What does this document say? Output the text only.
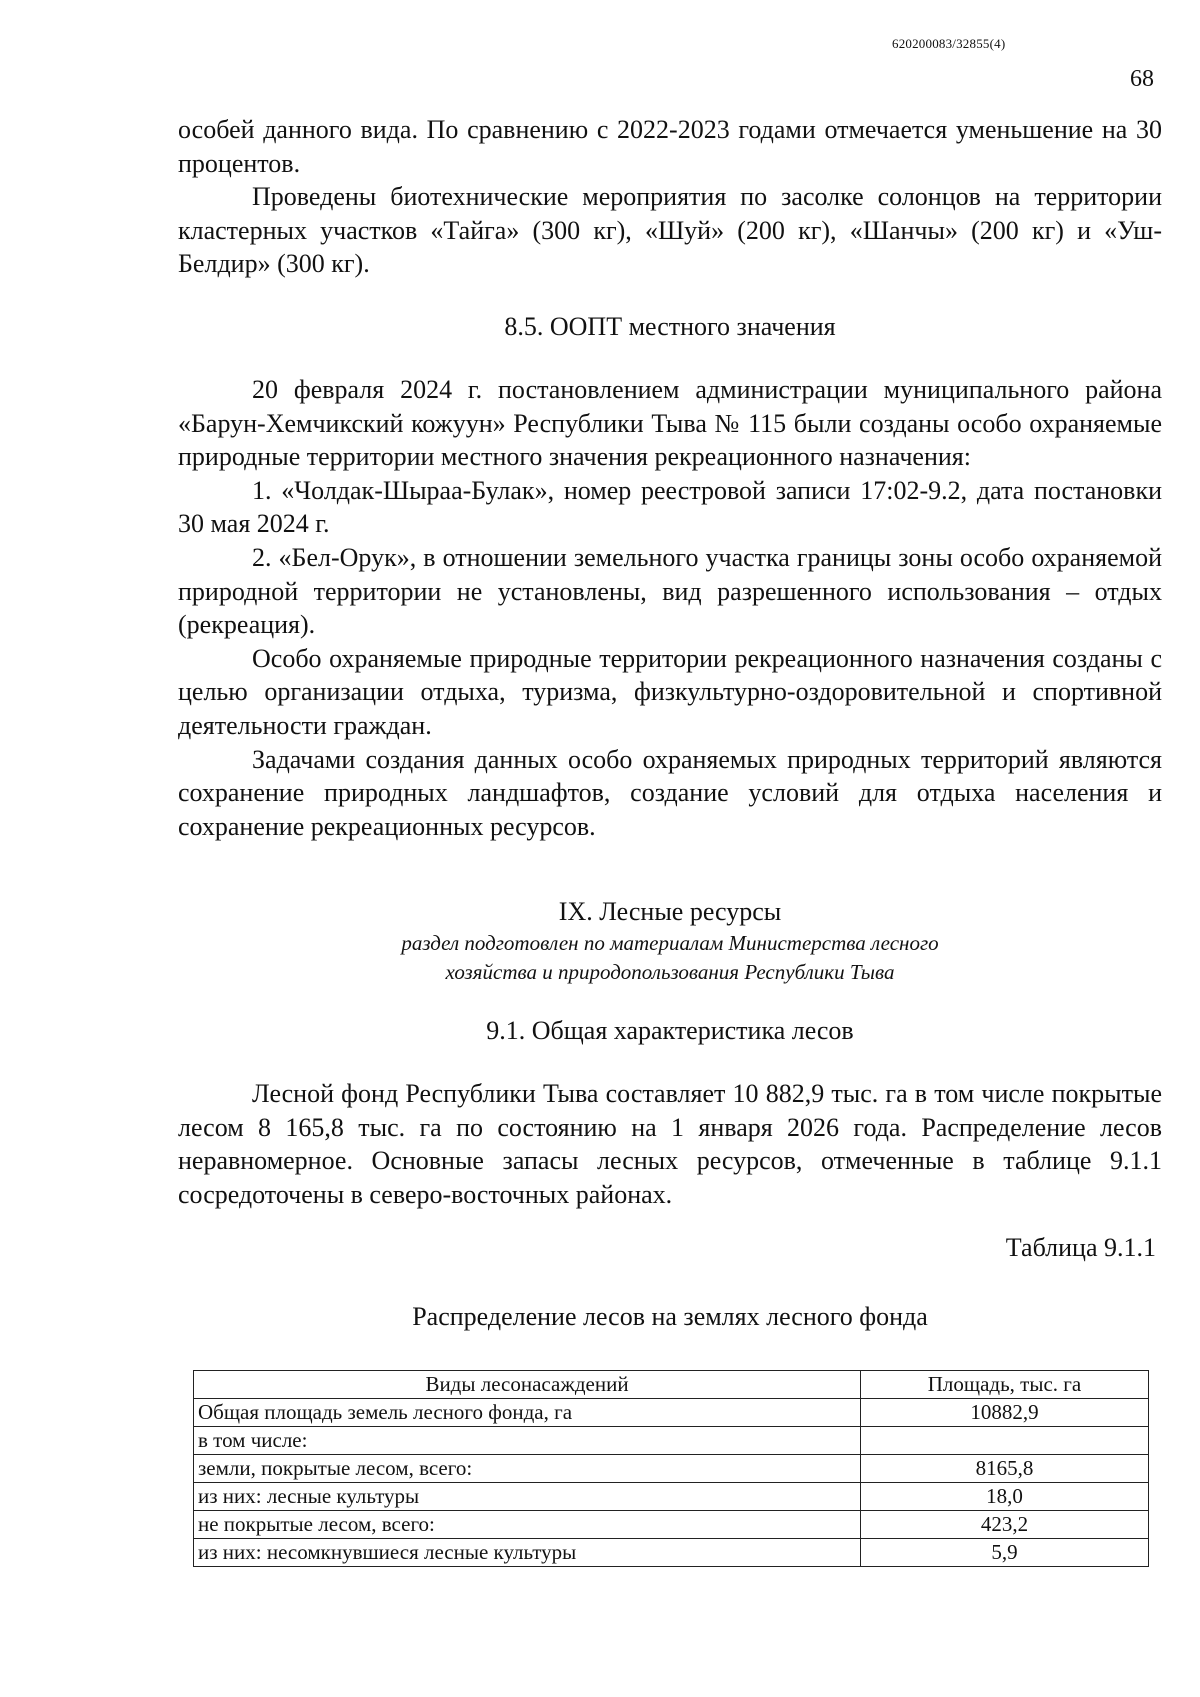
620200083/32855(4)
68

особей данного вида. По сравнению с 2022-2023 годами отмечается уменьшение на 30 процентов.

Проведены биотехнические мероприятия по засолке солонцов на территории кластерных участков «Тайга» (300 кг), «Шуй» (200 кг), «Шанчы» (200 кг) и «Уш-Белдир» (300 кг).

8.5. ООПТ местного значения

20 февраля 2024 г. постановлением администрации муниципального района «Барун-Хемчикский кожуун» Республики Тыва № 115 были созданы особо охраняемые природные территории местного значения рекреационного назначения:

1. «Чолдак-Шыраа-Булак», номер реестровой записи 17:02-9.2, дата постановки 30 мая 2024 г.

2. «Бел-Орук», в отношении земельного участка границы зоны особо охраняемой природной территории не установлены, вид разрешенного использования – отдых (рекреация).

Особо охраняемые природные территории рекреационного назначения созданы с целью организации отдыха, туризма, физкультурно-оздоровительной и спортивной деятельности граждан.

Задачами создания данных особо охраняемых природных территорий являются сохранение природных ландшафтов, создание условий для отдыха населения и сохранение рекреационных ресурсов.

IX. Лесные ресурсы
раздел подготовлен по материалам Министерства лесного
хозяйства и природопользования Республики Тыва
9.1. Общая характеристика лесов

Лесной фонд Республики Тыва составляет 10 882,9 тыс. га в том числе покрытые лесом 8 165,8 тыс. га по состоянию на 1 января 2026 года. Распределение лесов неравномерное. Основные запасы лесных ресурсов, отмеченные в таблице 9.1.1 сосредоточены в северо-восточных районах.

Таблица 9.1.1
Распределение лесов на землях лесного фонда
Виды лесонасаждений	Площадь, тыс. га
Общая площадь земель лесного фонда, га	10882,9
в том числе:	
земли, покрытые лесом, всего:	8165,8
из них: лесные культуры	18,0
не покрытые лесом, всего:	423,2
из них: несомкнувшиеся лесные культуры	5,9
